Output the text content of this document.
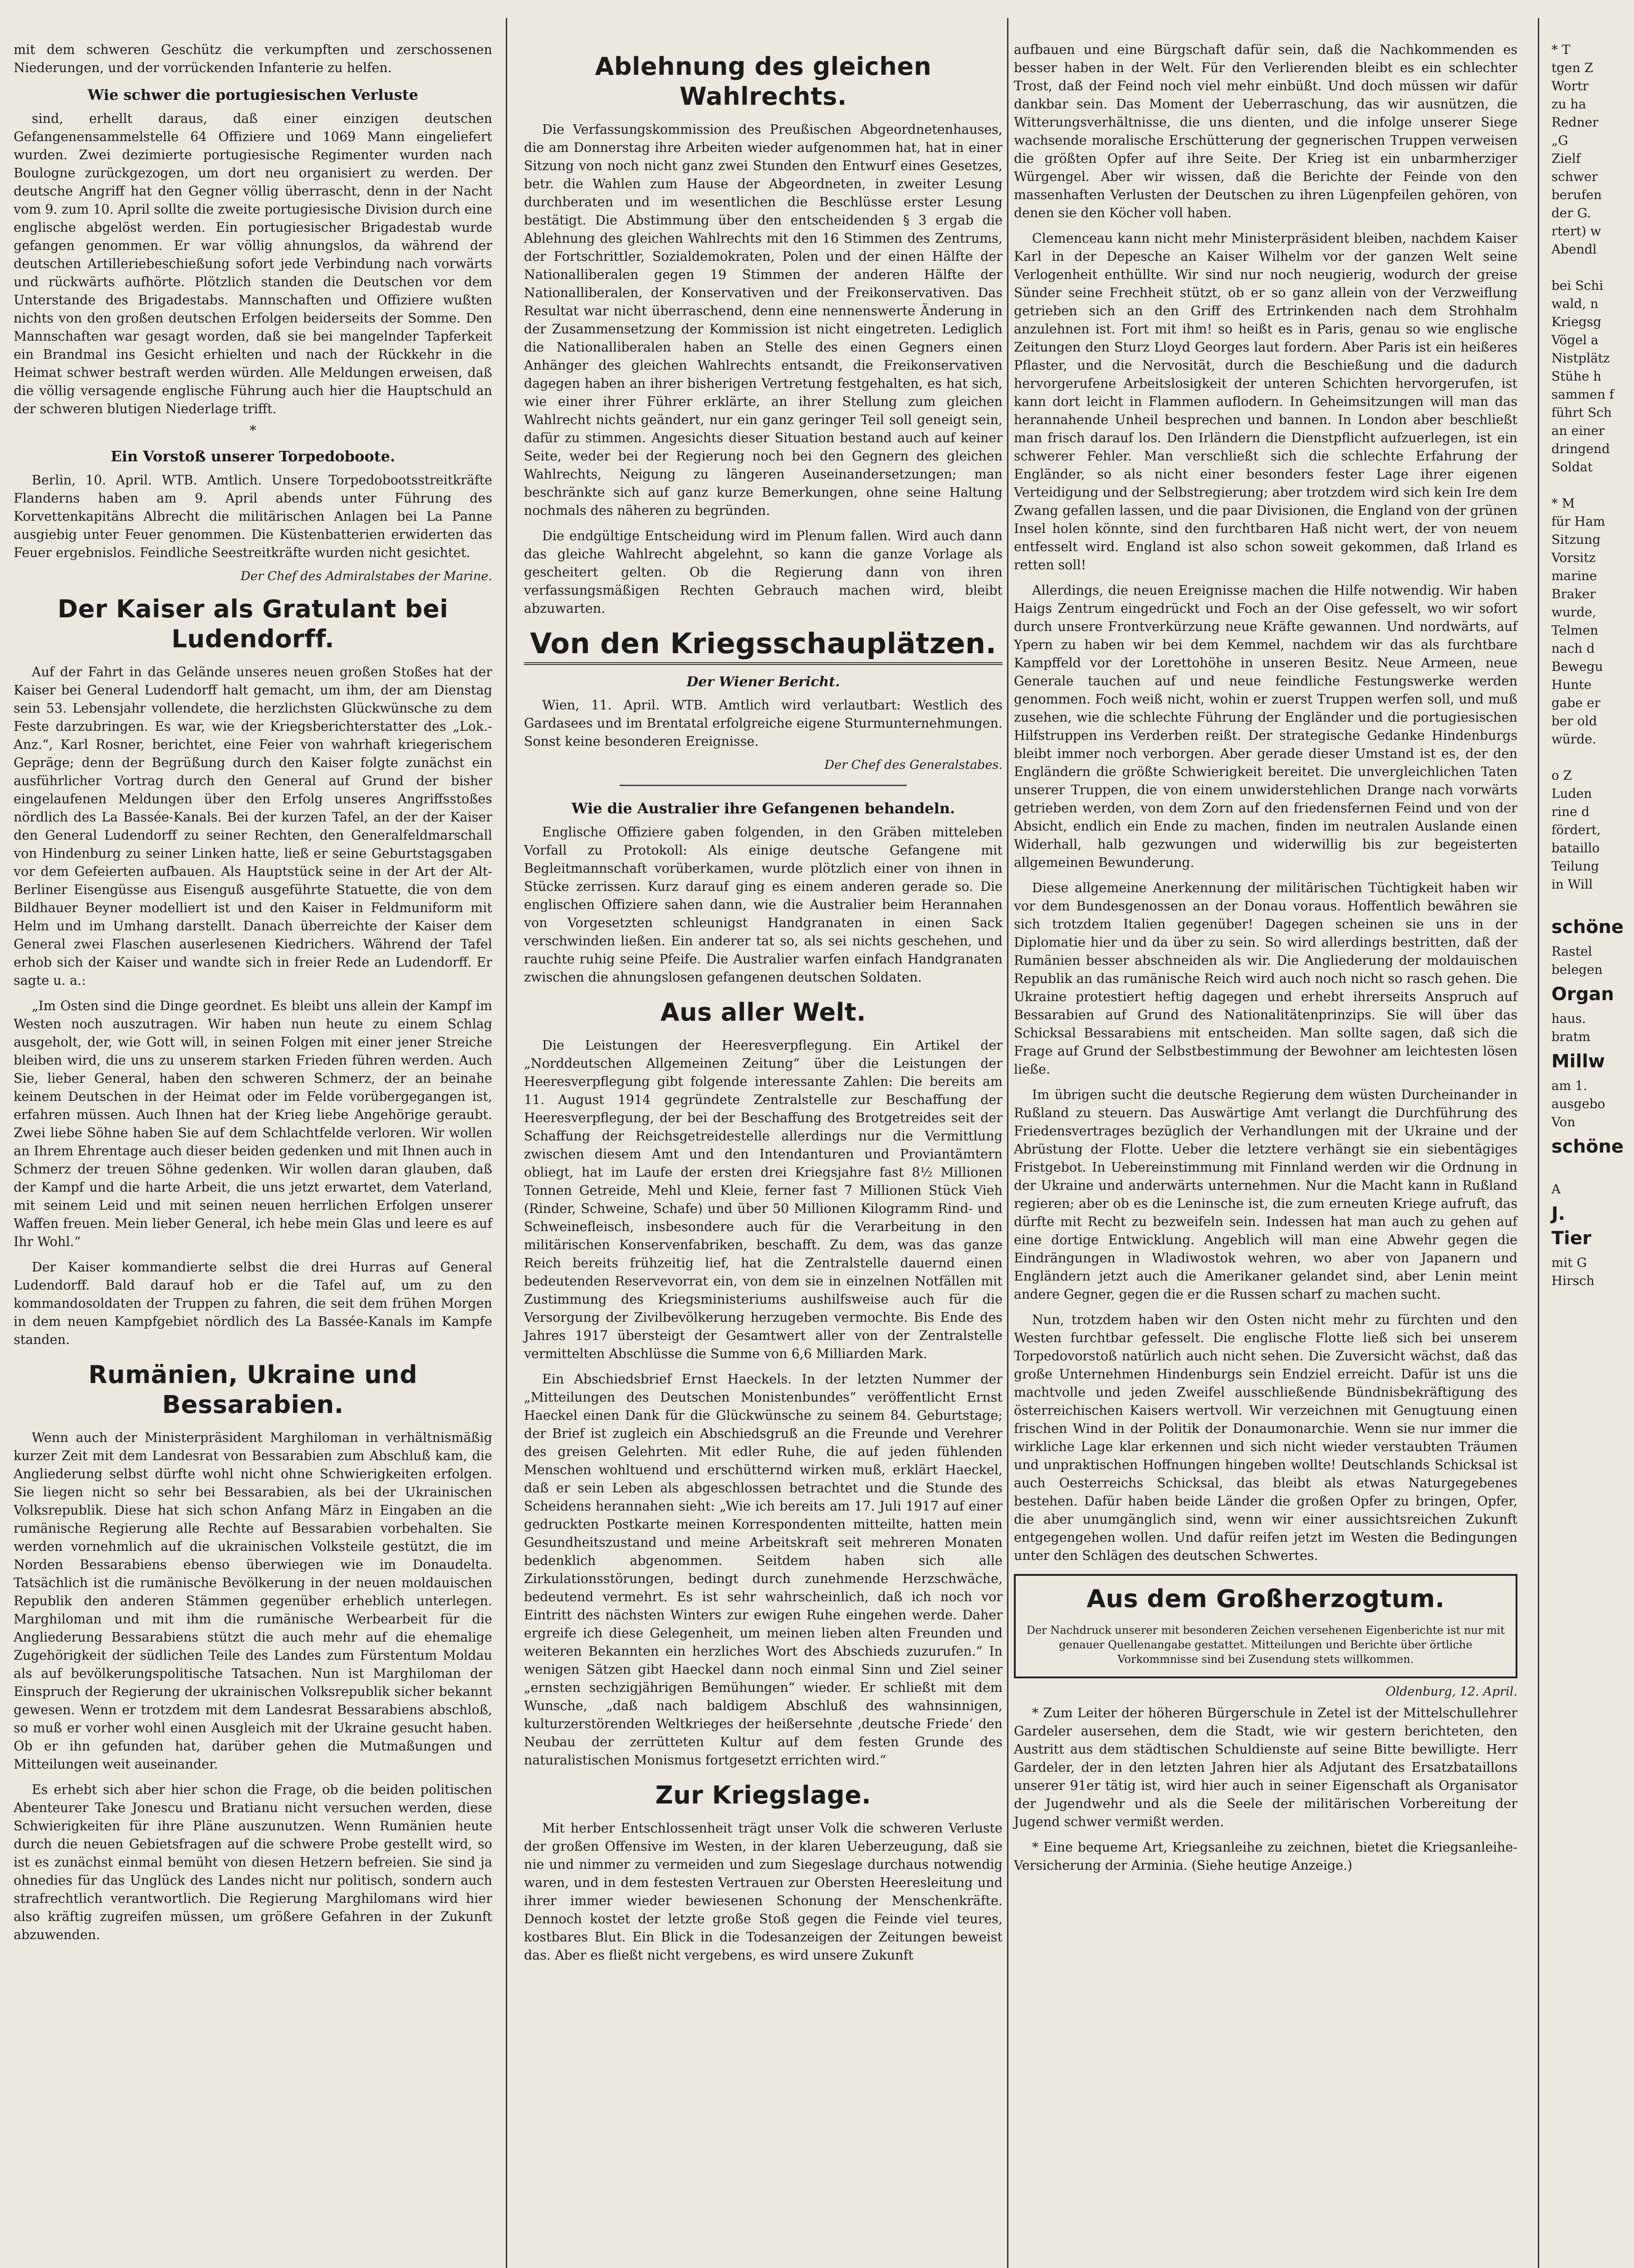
mit dem schweren Geschütz die verkumpften und zerschossenen Niederungen, und der vorrückenden Infanterie zu helfen.

Wie schwer die portugiesischen Verluste

sind, erhellt daraus, daß einer einzigen deutschen Gefangenensammelstelle 64 Offiziere und 1069 Mann eingeliefert wurden. Zwei dezimierte portugiesische Regimenter wurden nach Boulogne zurückgezogen, um dort neu organisiert zu werden. Der deutsche Angriff hat den Gegner völlig überrascht, denn in der Nacht vom 9. zum 10. April sollte die zweite portugiesische Division durch eine englische abgelöst werden. Ein portugiesischer Brigadestab wurde gefangen genommen. Er war völlig ahnungslos, da während der deutschen Artilleriebeschießung sofort jede Verbindung nach vorwärts und rückwärts aufhörte. Plötzlich standen die Deutschen vor dem Unterstande des Brigadestabs. Mannschaften und Offiziere wußten nichts von den großen deutschen Erfolgen beiderseits der Somme. Den Mannschaften war gesagt worden, daß sie bei mangelnder Tapferkeit ein Brandmal ins Gesicht erhielten und nach der Rückkehr in die Heimat schwer bestraft werden würden. Alle Meldungen erweisen, daß die völlig versagende englische Führung auch hier die Hauptschuld an der schweren blutigen Niederlage trifft.

*
Ein Vorstoß unserer Torpedoboote.

Berlin, 10. April. WTB. Amtlich. Unsere Torpedobootsstreitkräfte Flanderns haben am 9. April abends unter Führung des Korvettenkapitäns Albrecht die militärischen Anlagen bei La Panne ausgiebig unter Feuer genommen. Die Küstenbatterien erwiderten das Feuer ergebnislos. Feindliche Seestreitkräfte wurden nicht gesichtet.

Der Chef des Admiralstabes der Marine.
Der Kaiser als Gratulant bei Ludendorff.

Auf der Fahrt in das Gelände unseres neuen großen Stoßes hat der Kaiser bei General Ludendorff halt gemacht, um ihm, der am Dienstag sein 53. Lebensjahr vollendete, die herzlichsten Glückwünsche zu dem Feste darzubringen. Es war, wie der Kriegsberichterstatter des „Lok.-Anz.“, Karl Rosner, berichtet, eine Feier von wahrhaft kriegerischem Gepräge; denn der Begrüßung durch den Kaiser folgte zunächst ein ausführlicher Vortrag durch den General auf Grund der bisher eingelaufenen Meldungen über den Erfolg unseres Angriffsstoßes nördlich des La Bassée-Kanals. Bei der kurzen Tafel, an der der Kaiser den General Ludendorff zu seiner Rechten, den Generalfeldmarschall von Hindenburg zu seiner Linken hatte, ließ er seine Geburtstagsgaben vor dem Gefeierten aufbauen. Als Hauptstück seine in der Art der Alt-Berliner Eisengüsse aus Eisenguß ausgeführte Statuette, die von dem Bildhauer Beyner modelliert ist und den Kaiser in Feldmuniform mit Helm und im Umhang darstellt. Danach überreichte der Kaiser dem General zwei Flaschen auserlesenen Kiedrichers. Während der Tafel erhob sich der Kaiser und wandte sich in freier Rede an Ludendorff. Er sagte u. a.:

„Im Osten sind die Dinge geordnet. Es bleibt uns allein der Kampf im Westen noch auszutragen. Wir haben nun heute zu einem Schlag ausgeholt, der, wie Gott will, in seinen Folgen mit einer jener Streiche bleiben wird, die uns zu unserem starken Frieden führen werden. Auch Sie, lieber General, haben den schweren Schmerz, der an beinahe keinem Deutschen in der Heimat oder im Felde vorübergegangen ist, erfahren müssen. Auch Ihnen hat der Krieg liebe Angehörige geraubt. Zwei liebe Söhne haben Sie auf dem Schlachtfelde verloren. Wir wollen an Ihrem Ehrentage auch dieser beiden gedenken und mit Ihnen auch in Schmerz der treuen Söhne gedenken. Wir wollen daran glauben, daß der Kampf und die harte Arbeit, die uns jetzt erwartet, dem Vaterland, mit seinem Leid und mit seinen neuen herrlichen Erfolgen unserer Waffen freuen. Mein lieber General, ich hebe mein Glas und leere es auf Ihr Wohl.“

Der Kaiser kommandierte selbst die drei Hurras auf General Ludendorff. Bald darauf hob er die Tafel auf, um zu den kommandosoldaten der Truppen zu fahren, die seit dem frühen Morgen in dem neuen Kampfgebiet nördlich des La Bassée-Kanals im Kampfe standen.

Rumänien, Ukraine und Bessarabien.

Wenn auch der Ministerpräsident Marghiloman in verhältnismäßig kurzer Zeit mit dem Landesrat von Bessarabien zum Abschluß kam, die Angliederung selbst dürfte wohl nicht ohne Schwierigkeiten erfolgen. Sie liegen nicht so sehr bei Bessarabien, als bei der Ukrainischen Volksrepublik. Diese hat sich schon Anfang März in Eingaben an die rumänische Regierung alle Rechte auf Bessarabien vorbehalten. Sie werden vornehmlich auf die ukrainischen Volksteile gestützt, die im Norden Bessarabiens ebenso überwiegen wie im Donaudelta. Tatsächlich ist die rumänische Bevölkerung in der neuen moldauischen Republik den anderen Stämmen gegenüber erheblich unterlegen. Marghiloman und mit ihm die rumänische Werbearbeit für die Angliederung Bessarabiens stützt die auch mehr auf die ehemalige Zugehörigkeit der südlichen Teile des Landes zum Fürstentum Moldau als auf bevölkerungspolitische Tatsachen. Nun ist Marghiloman der Einspruch der Regierung der ukrainischen Volksrepublik sicher bekannt gewesen. Wenn er trotzdem mit dem Landesrat Bessarabiens abschloß, so muß er vorher wohl einen Ausgleich mit der Ukraine gesucht haben. Ob er ihn gefunden hat, darüber gehen die Mutmaßungen und Mitteilungen weit auseinander.

Es erhebt sich aber hier schon die Frage, ob die beiden politischen Abenteurer Take Jonescu und Bratianu nicht versuchen werden, diese Schwierigkeiten für ihre Pläne auszunutzen. Wenn Rumänien heute durch die neuen Gebietsfragen auf die schwere Probe gestellt wird, so ist es zunächst einmal bemüht von diesen Hetzern befreien. Sie sind ja ohnedies für das Unglück des Landes nicht nur politisch, sondern auch strafrechtlich verantwortlich. Die Regierung Marghilomans wird hier also kräftig zugreifen müssen, um größere Gefahren in der Zukunft abzuwenden.

Ablehnung des gleichen Wahlrechts.

Die Verfassungskommission des Preußischen Abgeordnetenhauses, die am Donnerstag ihre Arbeiten wieder aufgenommen hat, hat in einer Sitzung von noch nicht ganz zwei Stunden den Entwurf eines Gesetzes, betr. die Wahlen zum Hause der Abgeordneten, in zweiter Lesung durchberaten und im wesentlichen die Beschlüsse erster Lesung bestätigt. Die Abstimmung über den entscheidenden § 3 ergab die Ablehnung des gleichen Wahlrechts mit den 16 Stimmen des Zentrums, der Fortschrittler, Sozialdemokraten, Polen und der einen Hälfte der Nationalliberalen gegen 19 Stimmen der anderen Hälfte der Nationalliberalen, der Konservativen und der Freikonservativen. Das Resultat war nicht überraschend, denn eine nennenswerte Änderung in der Zusammensetzung der Kommission ist nicht eingetreten. Lediglich die Nationalliberalen haben an Stelle des einen Gegners einen Anhänger des gleichen Wahlrechts entsandt, die Freikonservativen dagegen haben an ihrer bisherigen Vertretung festgehalten, es hat sich, wie einer ihrer Führer erklärte, an ihrer Stellung zum gleichen Wahlrecht nichts geändert, nur ein ganz geringer Teil soll geneigt sein, dafür zu stimmen. Angesichts dieser Situation bestand auch auf keiner Seite, weder bei der Regierung noch bei den Gegnern des gleichen Wahlrechts, Neigung zu längeren Auseinandersetzungen; man beschränkte sich auf ganz kurze Bemerkungen, ohne seine Haltung nochmals des näheren zu begründen.

Die endgültige Entscheidung wird im Plenum fallen. Wird auch dann das gleiche Wahlrecht abgelehnt, so kann die ganze Vorlage als gescheitert gelten. Ob die Regierung dann von ihren verfassungsmäßigen Rechten Gebrauch machen wird, bleibt abzuwarten.

Von den Kriegsschauplätzen.
Der Wiener Bericht.

Wien, 11. April. WTB. Amtlich wird verlautbart: Westlich des Gardasees und im Brentatal erfolgreiche eigene Sturmunternehmungen. Sonst keine besonderen Ereignisse.

Der Chef des Generalstabes.
Wie die Australier ihre Gefangenen behandeln.

Englische Offiziere gaben folgenden, in den Gräben mitteleben Vorfall zu Protokoll: Als einige deutsche Gefangene mit Begleitmannschaft vorüberkamen, wurde plötzlich einer von ihnen in Stücke zerrissen. Kurz darauf ging es einem anderen gerade so. Die englischen Offiziere sahen dann, wie die Australier beim Herannahen von Vorgesetzten schleunigst Handgranaten in einen Sack verschwinden ließen. Ein anderer tat so, als sei nichts geschehen, und rauchte ruhig seine Pfeife. Die Australier warfen einfach Handgranaten zwischen die ahnungslosen gefangenen deutschen Soldaten.

Aus aller Welt.

Die Leistungen der Heeresverpflegung. Ein Artikel der „Norddeutschen Allgemeinen Zeitung“ über die Leistungen der Heeresverpflegung gibt folgende interessante Zahlen: Die bereits am 11. August 1914 gegründete Zentralstelle zur Beschaffung der Heeresverpflegung, der bei der Beschaffung des Brotgetreides seit der Schaffung der Reichsgetreidestelle allerdings nur die Vermittlung zwischen diesem Amt und den Intendanturen und Proviantämtern obliegt, hat im Laufe der ersten drei Kriegsjahre fast 8½ Millionen Tonnen Getreide, Mehl und Kleie, ferner fast 7 Millionen Stück Vieh (Rinder, Schweine, Schafe) und über 50 Millionen Kilogramm Rind- und Schweinefleisch, insbesondere auch für die Verarbeitung in den militärischen Konservenfabriken, beschafft. Zu dem, was das ganze Reich bereits frühzeitig lief, hat die Zentralstelle dauernd einen bedeutenden Reservevorrat ein, von dem sie in einzelnen Notfällen mit Zustimmung des Kriegsministeriums aushilfsweise auch für die Versorgung der Zivilbevölkerung herzugeben vermochte. Bis Ende des Jahres 1917 übersteigt der Gesamtwert aller von der Zentralstelle vermittelten Abschlüsse die Summe von 6,6 Milliarden Mark.

Ein Abschiedsbrief Ernst Haeckels. In der letzten Nummer der „Mitteilungen des Deutschen Monistenbundes“ veröffentlicht Ernst Haeckel einen Dank für die Glückwünsche zu seinem 84. Geburtstage; der Brief ist zugleich ein Abschiedsgruß an die Freunde und Verehrer des greisen Gelehrten. Mit edler Ruhe, die auf jeden fühlenden Menschen wohltuend und erschütternd wirken muß, erklärt Haeckel, daß er sein Leben als abgeschlossen betrachtet und die Stunde des Scheidens herannahen sieht: „Wie ich bereits am 17. Juli 1917 auf einer gedruckten Postkarte meinen Korrespondenten mitteilte, hatten mein Gesundheitszustand und meine Arbeitskraft seit mehreren Monaten bedenklich abgenommen. Seitdem haben sich alle Zirkulationsstörungen, bedingt durch zunehmende Herzschwäche, bedeutend vermehrt. Es ist sehr wahrscheinlich, daß ich noch vor Eintritt des nächsten Winters zur ewigen Ruhe eingehen werde. Daher ergreife ich diese Gelegenheit, um meinen lieben alten Freunden und weiteren Bekannten ein herzliches Wort des Abschieds zuzurufen.“ In wenigen Sätzen gibt Haeckel dann noch einmal Sinn und Ziel seiner „ernsten sechzigjährigen Bemühungen“ wieder. Er schließt mit dem Wunsche, „daß nach baldigem Abschluß des wahnsinnigen, kulturzerstörenden Weltkrieges der heißersehnte ‚deutsche Friede‘ den Neubau der zerrütteten Kultur auf dem festen Grunde des naturalistischen Monismus fortgesetzt errichten wird.“

Zur Kriegslage.

Mit herber Entschlossenheit trägt unser Volk die schweren Verluste der großen Offensive im Westen, in der klaren Ueberzeugung, daß sie nie und nimmer zu vermeiden und zum Siegeslage durchaus notwendig waren, und in dem festesten Vertrauen zur Obersten Heeresleitung und ihrer immer wieder bewiesenen Schonung der Menschenkräfte. Dennoch kostet der letzte große Stoß gegen die Feinde viel teures, kostbares Blut. Ein Blick in die Todesanzeigen der Zeitungen beweist das. Aber es fließt nicht vergebens, es wird unsere Zukunft

aufbauen und eine Bürgschaft dafür sein, daß die Nachkommenden es besser haben in der Welt. Für den Verlierenden bleibt es ein schlechter Trost, daß der Feind noch viel mehr einbüßt. Und doch müssen wir dafür dankbar sein. Das Moment der Ueberraschung, das wir ausnützen, die Witterungsverhältnisse, die uns dienten, und die infolge unserer Siege wachsende moralische Erschütterung der gegnerischen Truppen verweisen die größten Opfer auf ihre Seite. Der Krieg ist ein unbarmherziger Würgengel. Aber wir wissen, daß die Berichte der Feinde von den massenhaften Verlusten der Deutschen zu ihren Lügenpfeilen gehören, von denen sie den Köcher voll haben.

Clemenceau kann nicht mehr Ministerpräsident bleiben, nachdem Kaiser Karl in der Depesche an Kaiser Wilhelm vor der ganzen Welt seine Verlogenheit enthüllte. Wir sind nur noch neugierig, wodurch der greise Sünder seine Frechheit stützt, ob er so ganz allein von der Verzweiflung getrieben sich an den Griff des Ertrinkenden nach dem Strohhalm anzulehnen ist. Fort mit ihm! so heißt es in Paris, genau so wie englische Zeitungen den Sturz Lloyd Georges laut fordern. Aber Paris ist ein heißeres Pflaster, und die Nervosität, durch die Beschießung und die dadurch hervorgerufene Arbeitslosigkeit der unteren Schichten hervorgerufen, ist kann dort leicht in Flammen auflodern. In Geheimsitzungen will man das herannahende Unheil besprechen und bannen. In London aber beschließt man frisch darauf los. Den Irländern die Dienstpflicht aufzuerlegen, ist ein schwerer Fehler. Man verschließt sich die schlechte Erfahrung der Engländer, so als nicht einer besonders fester Lage ihrer eigenen Verteidigung und der Selbstregierung; aber trotzdem wird sich kein Ire dem Zwang gefallen lassen, und die paar Divisionen, die England von der grünen Insel holen könnte, sind den furchtbaren Haß nicht wert, der von neuem entfesselt wird. England ist also schon soweit gekommen, daß Irland es retten soll!

Allerdings, die neuen Ereignisse machen die Hilfe notwendig. Wir haben Haigs Zentrum eingedrückt und Foch an der Oise gefesselt, wo wir sofort durch unsere Frontverkürzung neue Kräfte gewannen. Und nordwärts, auf Ypern zu haben wir bei dem Kemmel, nachdem wir das als furchtbare Kampffeld vor der Lorettohöhe in unseren Besitz. Neue Armeen, neue Generale tauchen auf und neue feindliche Festungswerke werden genommen. Foch weiß nicht, wohin er zuerst Truppen werfen soll, und muß zusehen, wie die schlechte Führung der Engländer und die portugiesischen Hilfstruppen ins Verderben reißt. Der strategische Gedanke Hindenburgs bleibt immer noch verborgen. Aber gerade dieser Umstand ist es, der den Engländern die größte Schwierigkeit bereitet. Die unvergleichlichen Taten unserer Truppen, die von einem unwiderstehlichen Drange nach vorwärts getrieben werden, von dem Zorn auf den friedensfernen Feind und von der Absicht, endlich ein Ende zu machen, finden im neutralen Auslande einen Widerhall, halb gezwungen und widerwillig bis zur begeisterten allgemeinen Bewunderung.

Diese allgemeine Anerkennung der militärischen Tüchtigkeit haben wir vor dem Bundesgenossen an der Donau voraus. Hoffentlich bewähren sie sich trotzdem Italien gegenüber! Dagegen scheinen sie uns in der Diplomatie hier und da über zu sein. So wird allerdings bestritten, daß der Rumänien besser abschneiden als wir. Die Angliederung der moldauischen Republik an das rumänische Reich wird auch noch nicht so rasch gehen. Die Ukraine protestiert heftig dagegen und erhebt ihrerseits Anspruch auf Bessarabien auf Grund des Nationalitätenprinzips. Sie will über das Schicksal Bessarabiens mit entscheiden. Man sollte sagen, daß sich die Frage auf Grund der Selbstbestimmung der Bewohner am leichtesten lösen ließe.

Im übrigen sucht die deutsche Regierung dem wüsten Durcheinander in Rußland zu steuern. Das Auswärtige Amt verlangt die Durchführung des Friedensvertrages bezüglich der Verhandlungen mit der Ukraine und der Abrüstung der Flotte. Ueber die letztere verhängt sie ein siebentägiges Fristgebot. In Uebereinstimmung mit Finnland werden wir die Ordnung in der Ukraine und anderwärts unternehmen. Nur die Macht kann in Rußland regieren; aber ob es die Leninsche ist, die zum erneuten Kriege aufruft, das dürfte mit Recht zu bezweifeln sein. Indessen hat man auch zu gehen auf eine dortige Entwicklung. Angeblich will man eine Abwehr gegen die Eindrängungen in Wladiwostok wehren, wo aber von Japanern und Engländern jetzt auch die Amerikaner gelandet sind, aber Lenin meint andere Gegner, gegen die er die Russen scharf zu machen sucht.

Nun, trotzdem haben wir den Osten nicht mehr zu fürchten und den Westen furchtbar gefesselt. Die englische Flotte ließ sich bei unserem Torpedovorstoß natürlich auch nicht sehen. Die Zuversicht wächst, daß das große Unternehmen Hindenburgs sein Endziel erreicht. Dafür ist uns die machtvolle und jeden Zweifel ausschließende Bündnisbekräftigung des österreichischen Kaisers wertvoll. Wir verzeichnen mit Genugtuung einen frischen Wind in der Politik der Donaumonarchie. Wenn sie nur immer die wirkliche Lage klar erkennen und sich nicht wieder verstaubten Träumen und unpraktischen Hoffnungen hingeben wollte! Deutschlands Schicksal ist auch Oesterreichs Schicksal, das bleibt als etwas Naturgegebenes bestehen. Dafür haben beide Länder die großen Opfer zu bringen, Opfer, die aber unumgänglich sind, wenn wir einer aussichtsreichen Zukunft entgegengehen wollen. Und dafür reifen jetzt im Westen die Bedingungen unter den Schlägen des deutschen Schwertes.

Aus dem Großherzogtum.
Der Nachdruck unserer mit besonderen Zeichen versehenen Eigenberichte ist nur mit genauer Quellenangabe gestattet. Mitteilungen und Berichte über örtliche Vorkommnisse sind bei Zusendung stets willkommen.
Oldenburg, 12. April.

* Zum Leiter der höheren Bürgerschule in Zetel ist der Mittelschullehrer Gardeler ausersehen, dem die Stadt, wie wir gestern berichteten, den Austritt aus dem städtischen Schuldienste auf seine Bitte bewilligte. Herr Gardeler, der in den letzten Jahren hier als Adjutant des Ersatzbataillons unserer 91er tätig ist, wird hier auch in seiner Eigenschaft als Organisator der Jugendwehr und als die Seele der militärischen Vorbereitung der Jugend schwer vermißt werden.

* Eine bequeme Art, Kriegsanleihe zu zeichnen, bietet die Kriegsanleihe-Versicherung der Arminia. (Siehe heutige Anzeige.)

* T

tgen Z

Wortr

zu ha

Redner

„G

Zielf

schwer

berufen

der G.

rtert) w

Abendl

bei Schi

wald, n

Kriegsg

Vögel a

Nistplätz

Stühe h

sammen f

führt Sch

an einer

dringend

Soldat

* M

für Ham

Sitzung

Vorsitz

marine

Braker

wurde,

Telmen

nach d

Bewegu

Hunte

gabe er

ber old

würde.

o Z

Luden

rine d

fördert,

bataillo

Teilung

in Will

schöne

Rastel

belegen

Organ

haus.

bratm

Millw

am 1.

ausgebo

Von

schöne

A

J.

Tier

mit G

Hirsch
